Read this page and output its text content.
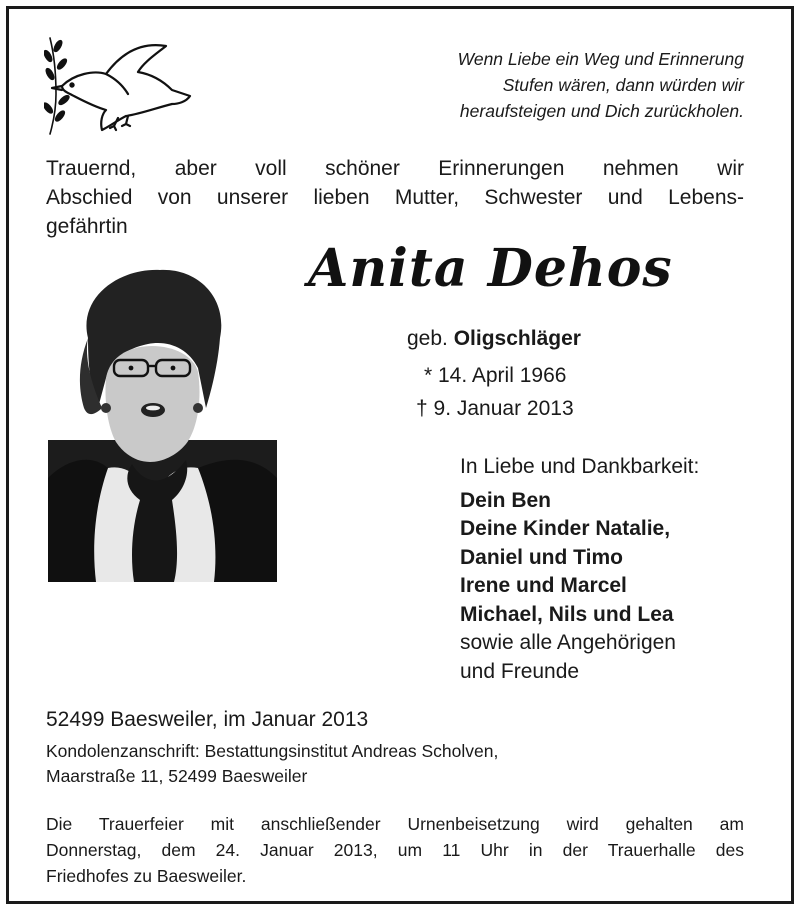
Wenn Liebe ein Weg und Erinnerung
Stufen wären, dann würden wir
heraufsteigen und Dich zurückholen.
Trauernd, aber voll schöner Erinnerungen nehmen wir
Abschied von unserer lieben Mutter, Schwester und Lebens-
gefährtin
Anita Dehos
geb. Oligschläger
* 14. April 1966
† 9. Januar 2013
In Liebe und Dankbarkeit:
Dein Ben
Deine Kinder Natalie,
Daniel und Timo
Irene und Marcel
Michael, Nils und Lea
sowie alle Angehörigen
und Freunde
52499 Baesweiler, im Januar 2013
Kondolenzanschrift: Bestattungsinstitut Andreas Scholven,
Maarstraße 11, 52499 Baesweiler
Die Trauerfeier mit anschließender Urnenbeisetzung wird gehalten am
Donnerstag, dem 24. Januar 2013, um 11 Uhr in der Trauerhalle des
Friedhofes zu Baesweiler.
